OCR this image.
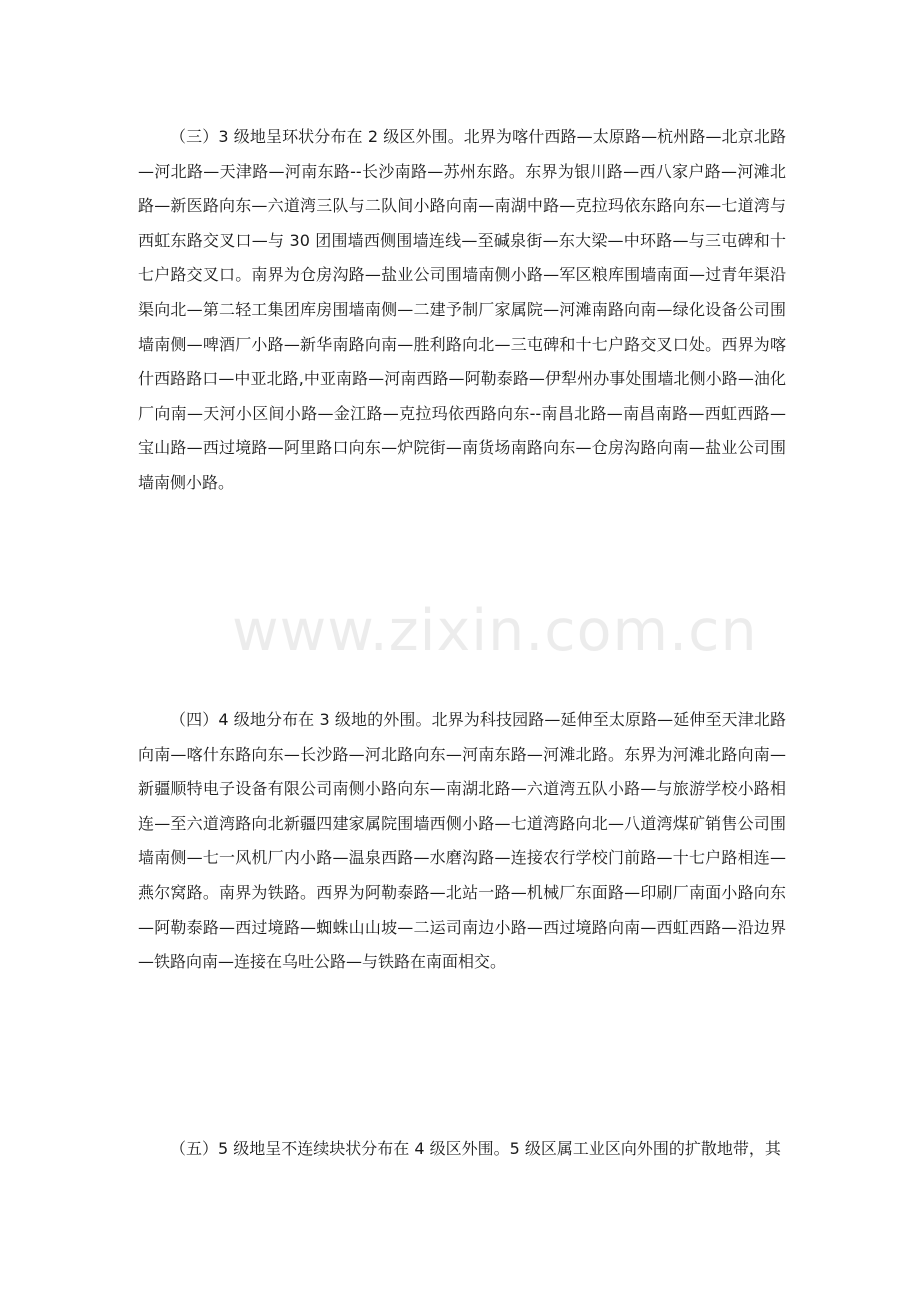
（三）3 级地呈环状分布在 2 级区外围。北界为喀什西路—太原路—杭州路—北京北路—河北路—天津路—河南东路--长沙南路—苏州东路。东界为银川路—西八家户路—河滩北路—新医路向东—六道湾三队与二队间小路向南—南湖中路—克拉玛依东路向东—七道湾与西虹东路交叉口—与 30 团围墙西侧围墙连线—至碱泉街—东大梁—中环路—与三屯碑和十七户路交叉口。南界为仓房沟路—盐业公司围墙南侧小路—军区粮库围墙南面—过青年渠沿渠向北—第二轻工集团库房围墙南侧—二建予制厂家属院—河滩南路向南—绿化设备公司围墙南侧—啤酒厂小路—新华南路向南—胜利路向北—三屯碑和十七户路交叉口处。西界为喀什西路路口—中亚北路,中亚南路—河南西路—阿勒泰路—伊犁州办事处围墙北侧小路—油化厂向南—天河小区间小路—金江路—克拉玛依西路向东--南昌北路—南昌南路—西虹西路—宝山路—西过境路—阿里路口向东—炉院街—南货场南路向东—仓房沟路向南—盐业公司围墙南侧小路。

（四）4 级地分布在 3 级地的外围。北界为科技园路—延伸至太原路—延伸至天津北路向南—喀什东路向东—长沙路—河北路向东—河南东路—河滩北路。东界为河滩北路向南—新疆顺特电子设备有限公司南侧小路向东—南湖北路—六道湾五队小路—与旅游学校小路相连—至六道湾路向北新疆四建家属院围墙西侧小路—七道湾路向北—八道湾煤矿销售公司围墙南侧—七一风机厂内小路—温泉西路—水磨沟路—连接农行学校门前路—十七户路相连—燕尔窝路。南界为铁路。西界为阿勒泰路—北站一路—机械厂东面路—印刷厂南面小路向东—阿勒泰路—西过境路—蜘蛛山山坡—二运司南边小路—西过境路向南—西虹西路—沿边界—铁路向南—连接在乌吐公路—与铁路在南面相交。

（五）5 级地呈不连续块状分布在 4 级区外围。5 级区属工业区向外围的扩散地带，其

www.zixin.com.cn
